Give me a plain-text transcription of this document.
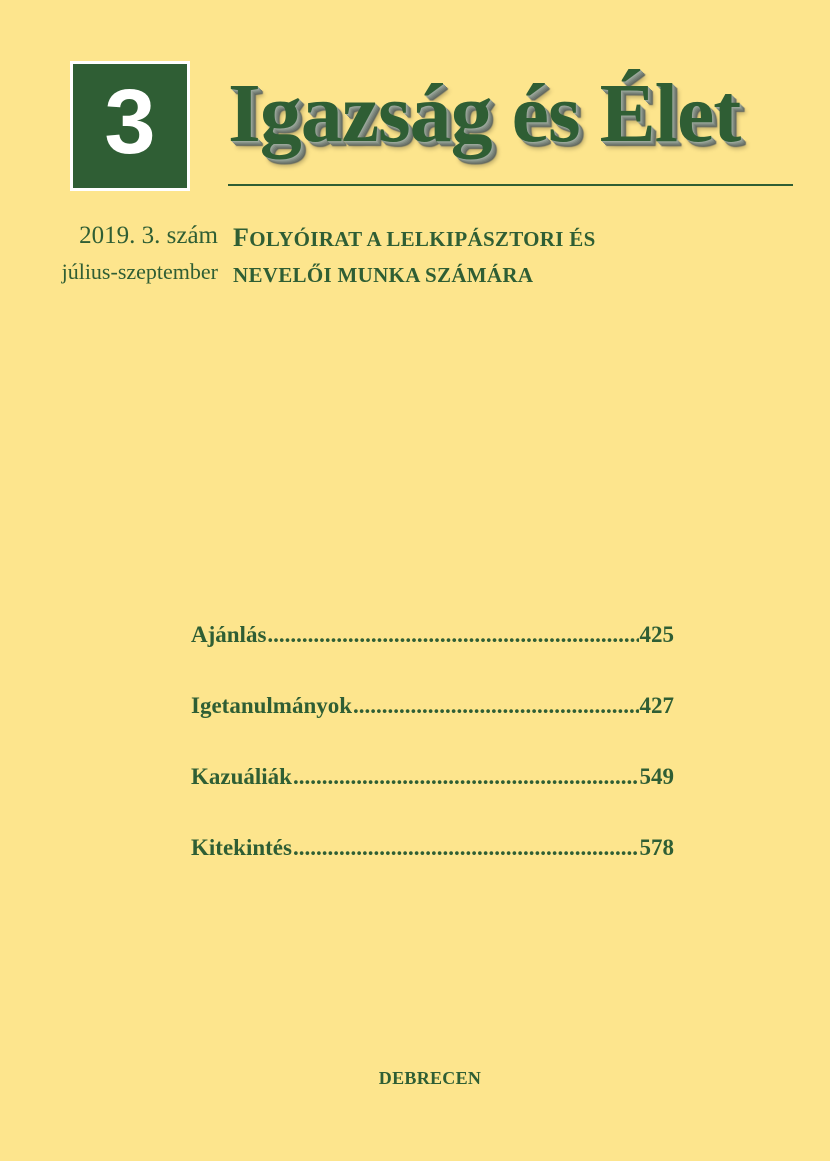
3 Igazság és Élet
2019. 3. szám
július-szeptember
FOLYÓIRAT A LELKIPÁSZTORI ÉS
NEVELŐI MUNKA SZÁMÁRA
Ajánlás .....	425
Igetanulmányok .....	427
Kazuáliák .....	549
Kitekintés .....	578
DEBRECEN
